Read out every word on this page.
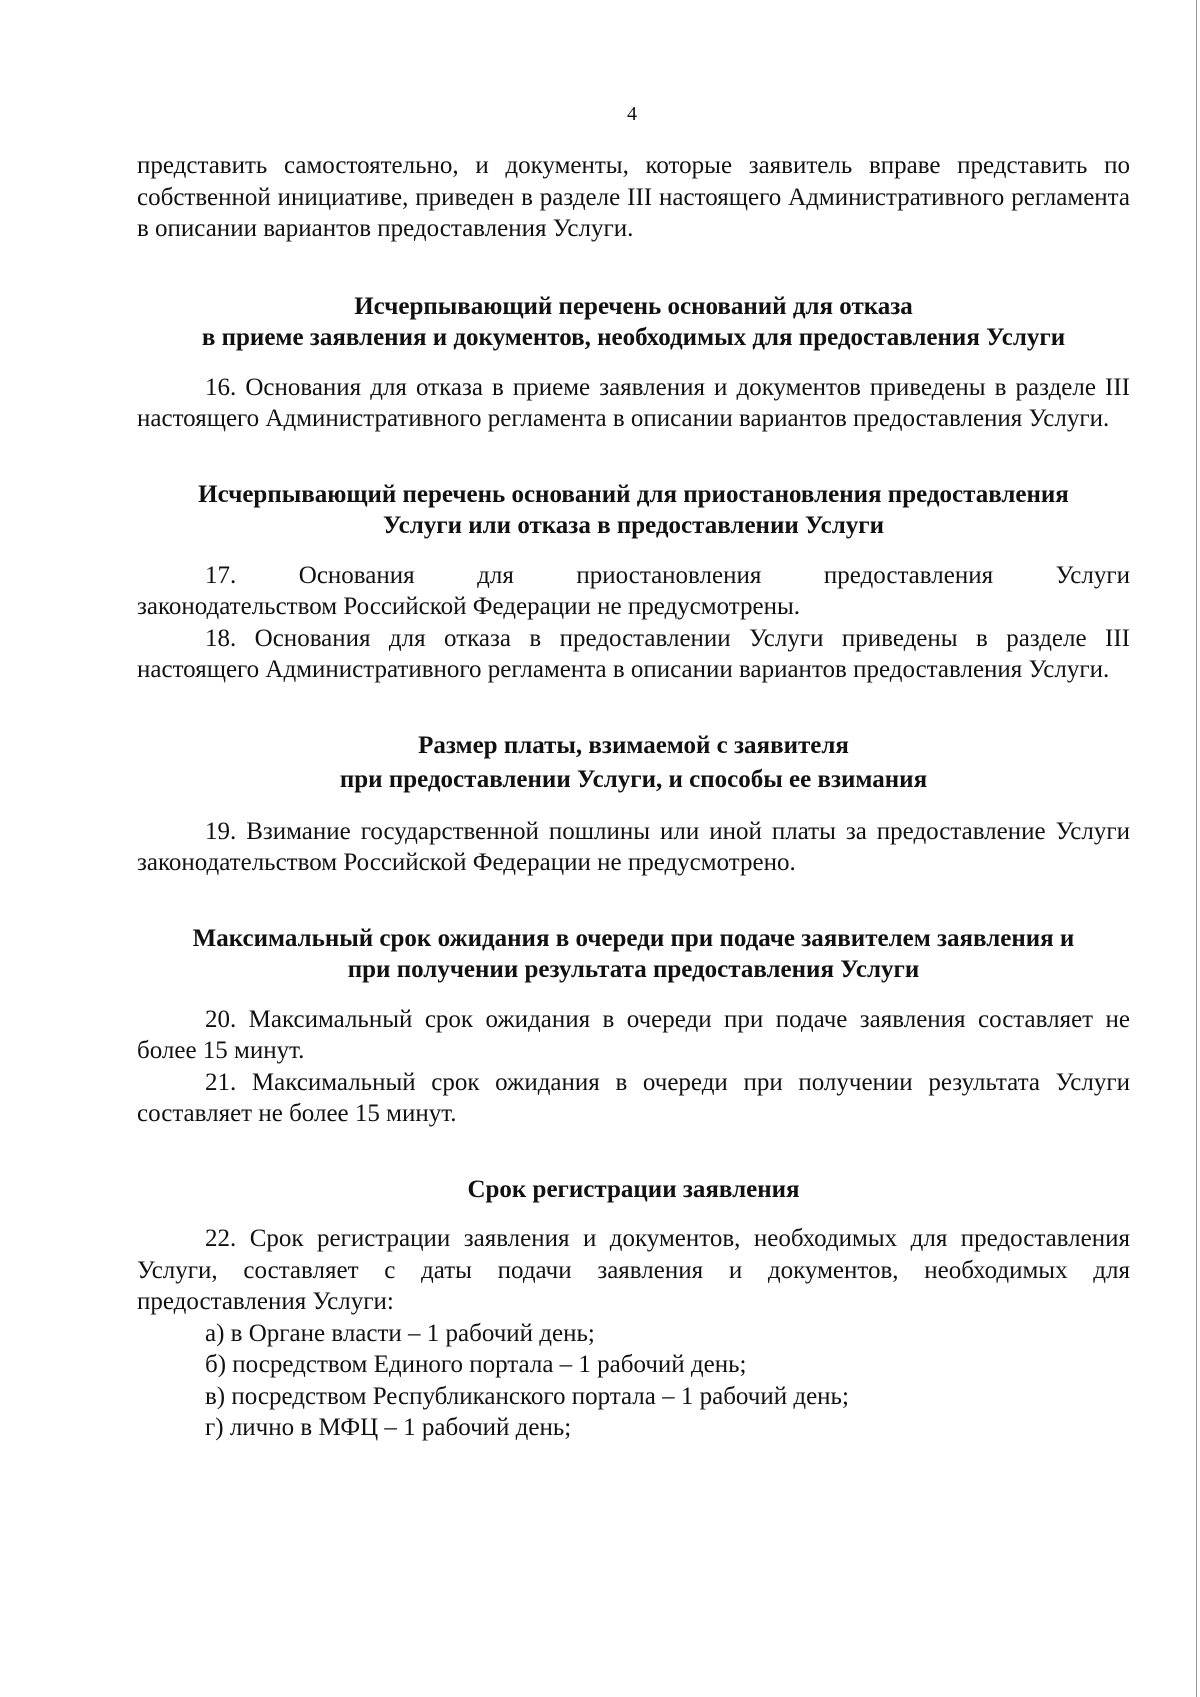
4

представить самостоятельно, и документы, которые заявитель вправе представить по собственной инициативе, приведен в разделе III настоящего Административного регламента в описании вариантов предоставления Услуги.

Исчерпывающий перечень оснований для отказа

в приеме заявления и документов, необходимых для предоставления Услуги

16. Основания для отказа в приеме заявления и документов приведены в разделе III настоящего Административного регламента в описании вариантов предоставления Услуги.

Исчерпывающий перечень оснований для приостановления предоставления

Услуги или отказа в предоставлении Услуги

17. Основания для приостановления предоставления Услуги

законодательством Российской Федерации не предусмотрены.

18. Основания для отказа в предоставлении Услуги приведены в разделе III настоящего Административного регламента в описании вариантов предоставления Услуги.

Размер платы, взимаемой с заявителя

при предоставлении Услуги, и способы ее взимания

19. Взимание государственной пошлины или иной платы за предоставление Услуги законодательством Российской Федерации не предусмотрено.

Максимальный срок ожидания в очереди при подаче заявителем заявления и

при получении результата предоставления Услуги

20. Максимальный срок ожидания в очереди при подаче заявления составляет не более 15 минут.

21. Максимальный срок ожидания в очереди при получении результата Услуги составляет не более 15 минут.

Срок регистрации заявления

22. Срок регистрации заявления и документов, необходимых для предоставления Услуги, составляет с даты подачи заявления и документов, необходимых для предоставления Услуги:

а) в Органе власти – 1 рабочий день;

б) посредством Единого портала – 1 рабочий день;

в) посредством Республиканского портала – 1 рабочий день;

г) лично в МФЦ – 1 рабочий день;
